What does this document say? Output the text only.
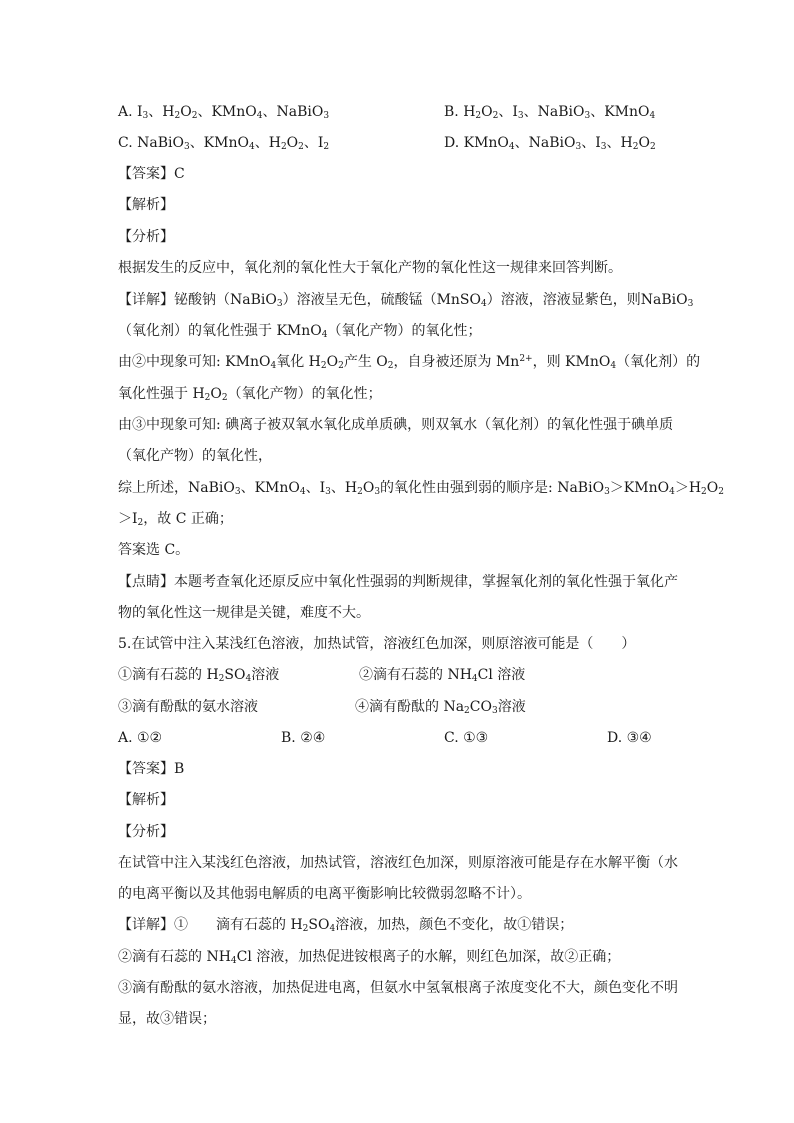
A. $I_3$、$H_2O_2$、KMnO$_4$、NaBiO$_3$	B. $H_2O_2$、$I_3$、NaBiO$_3$、KMnO$_4$
C. NaBiO$_3$、KMnO$_4$、$H_2O_2$、$I_2$	D. KMnO$_4$、NaBiO$_3$、$I_3$、$H_2O_2$
【答案】C
【解析】
【分析】
根据发生的反应中，氧化剂的氧化性大于氧化产物的氧化性这一规律来回答判断。
【详解】铋酸钠（NaBiO$_3$）溶液呈无色，硫酸锰（MnSO$_4$）溶液，溶液显紫色，则NaBiO$_3$
（氧化剂）的氧化性强于 KMnO$_4$（氧化产物）的氧化性；
由②中现象可知: KMnO$_4$氧化 $H_2O_2$产生 $O_2$，自身被还原为 $Mn^{2+}$，则 KMnO$_4$（氧化剂）的
氧化性强于 $H_2O_2$（氧化产物）的氧化性；
由③中现象可知: 碘离子被双氧水氧化成单质碘，则双氧水（氧化剂）的氧化性强于碘单质
（氧化产物）的氧化性，
综上所述，NaBiO$_3$、KMnO$_4$、$I_3$、$H_2O_3$的氧化性由强到弱的顺序是: $NaBiO_3>KMnO_4>H_2O_2$
$>I_2$，故 C 正确；
答案选 C。
【点睛】本题考查氧化还原反应中氧化性强弱的判断规律，掌握氧化剂的氧化性强于氧化产
物的氧化性这一规律是关键，难度不大。
5.在试管中注入某浅红色溶液，加热试管，溶液红色加深，则原溶液可能是（　　）
①滴有石蕊的 $H_2SO_4$溶液	②滴有石蕊的 $NH_4Cl$ 溶液
③滴有酚酞的氨水溶液	④滴有酚酞的 $Na_2CO_3$溶液
A. ①②	B. ②④	C. ①③	D. ③④
【答案】B
【解析】
【分析】
在试管中注入某浅红色溶液，加热试管，溶液红色加深，则原溶液可能是存在水解平衡（水
的电离平衡以及其他弱电解质的电离平衡影响比较微弱忽略不计）。
【详解】①　　滴有石蕊的 $H_2SO_4$溶液，加热，颜色不变化，故①错误；
②滴有石蕊的 $NH_4Cl$ 溶液，加热促进铵根离子的水解，则红色加深，故②正确；
③滴有酚酞的氨水溶液，加热促进电离，但氨水中氢氧根离子浓度变化不大，颜色变化不明
显，故③错误；
